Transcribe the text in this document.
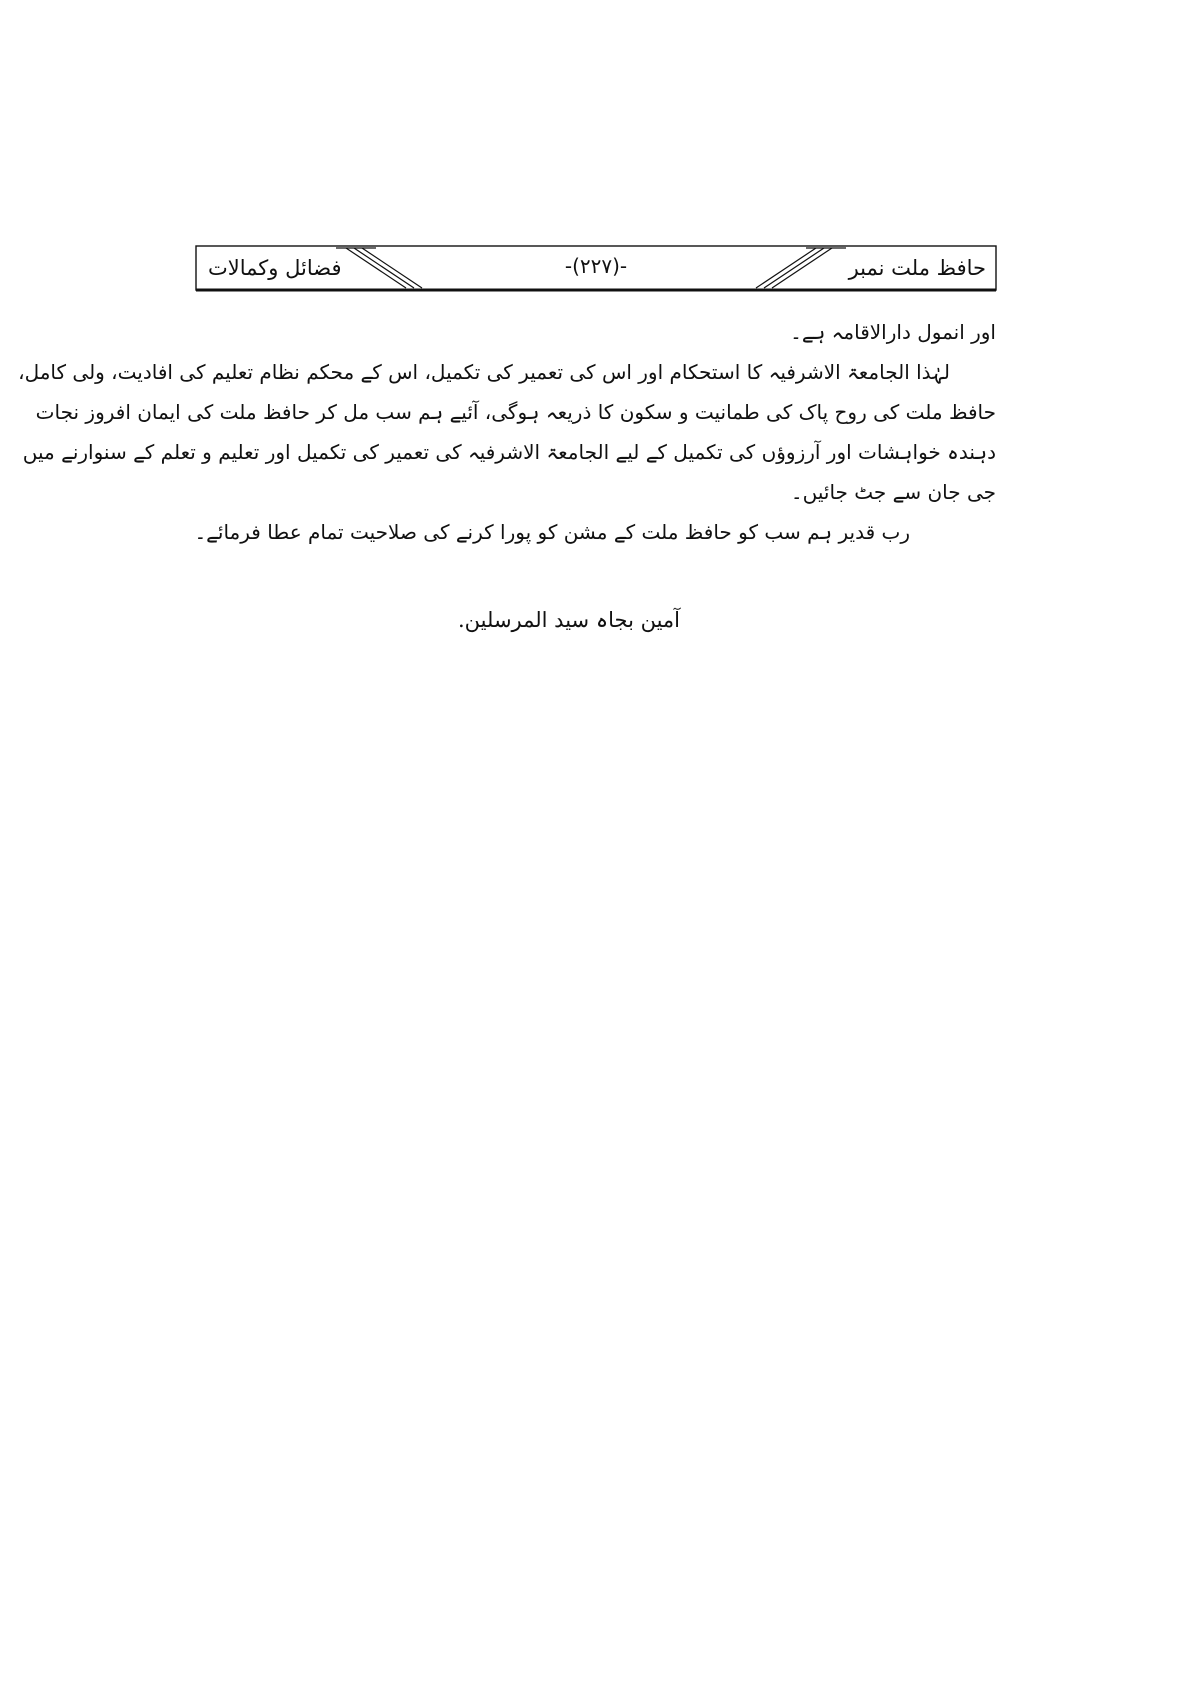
حافظ ملت نمبر
-(۲۲۷)-
فضائل وکمالات
اور انمول دارالاقامہ ہے۔
لہٰذا الجامعۃ الاشرفیہ کا استحکام اور اس کی تعمیر کی تکمیل، اس کے محکم نظام تعلیم کی افادیت، ولی کامل،
حافظ ملت کی روح پاک کی طمانیت و سکون کا ذریعہ ہوگی، آئیے ہم سب مل کر حافظ ملت کی ایمان افروز نجات
دہندہ خواہشات اور آرزوؤں کی تکمیل کے لیے الجامعۃ الاشرفیہ کی تعمیر کی تکمیل اور تعلیم و تعلم کے سنوارنے میں
جی جان سے جٹ جائیں۔
رب قدیر ہم سب کو حافظ ملت کے مشن کو پورا کرنے کی صلاحیت تمام عطا فرمائے۔
آمین بجاہ سید المرسلین.
